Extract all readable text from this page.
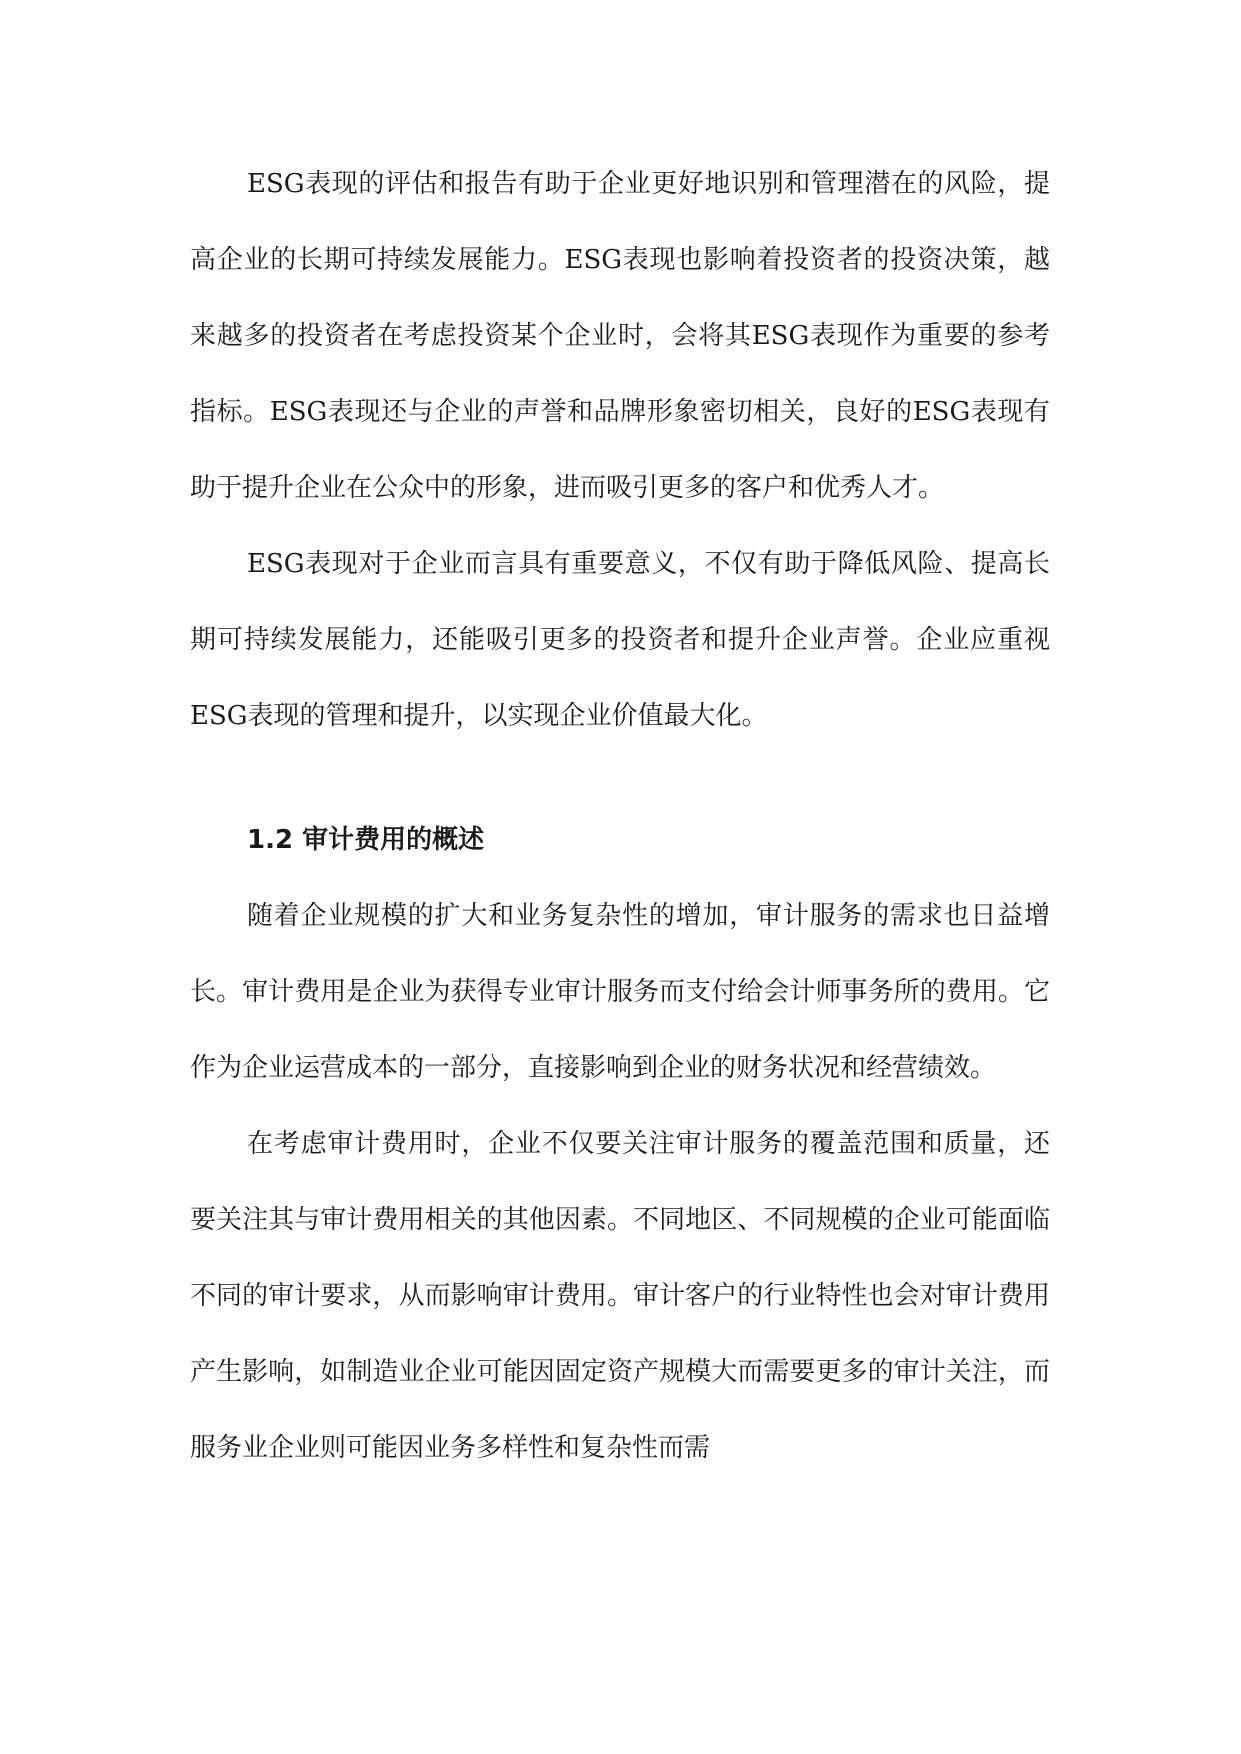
ESG表现的评估和报告有助于企业更好地识别和管理潜在的风险，提高企业的长期可持续发展能力。ESG表现也影响着投资者的投资决策，越来越多的投资者在考虑投资某个企业时，会将其ESG表现作为重要的参考指标。ESG表现还与企业的声誉和品牌形象密切相关，良好的ESG表现有助于提升企业在公众中的形象，进而吸引更多的客户和优秀人才。

ESG表现对于企业而言具有重要意义，不仅有助于降低风险、提高长期可持续发展能力，还能吸引更多的投资者和提升企业声誉。企业应重视ESG表现的管理和提升，以实现企业价值最大化。

1.2 审计费用的概述

随着企业规模的扩大和业务复杂性的增加，审计服务的需求也日益增长。审计费用是企业为获得专业审计服务而支付给会计师事务所的费用。它作为企业运营成本的一部分，直接影响到企业的财务状况和经营绩效。

在考虑审计费用时，企业不仅要关注审计服务的覆盖范围和质量，还要关注其与审计费用相关的其他因素。不同地区、不同规模的企业可能面临不同的审计要求，从而影响审计费用。审计客户的行业特性也会对审计费用产生影响，如制造业企业可能因固定资产规模大而需要更多的审计关注，而服务业企业则可能因业务多样性和复杂性而需
